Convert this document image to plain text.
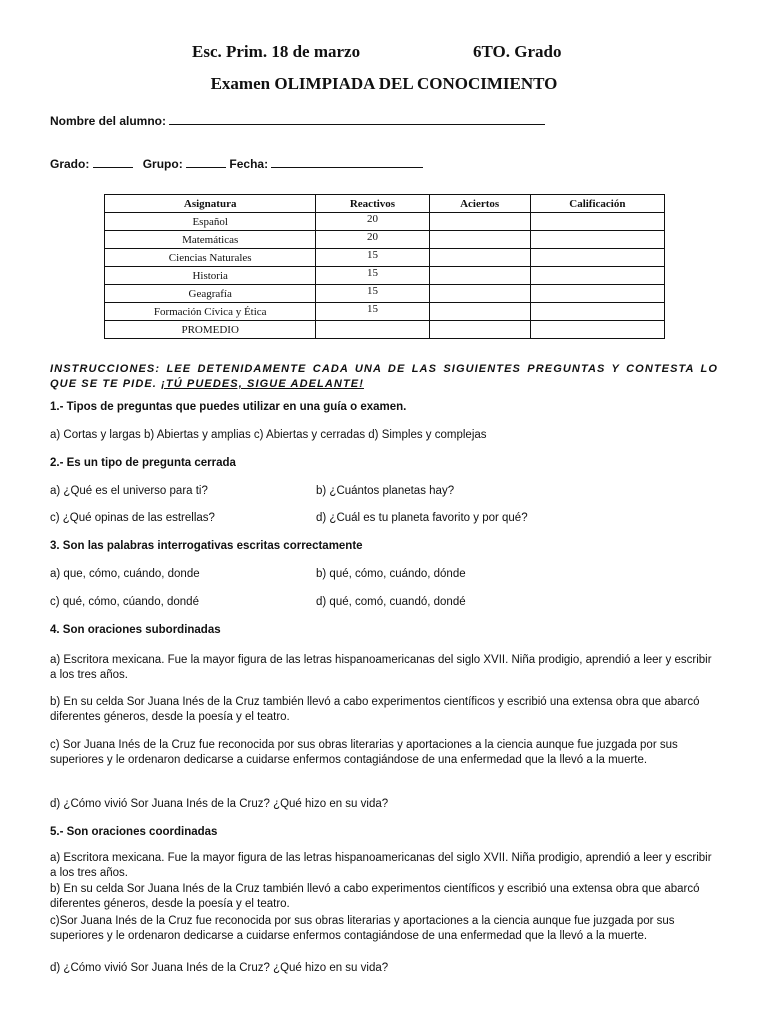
Esc. Prim. 18 de marzo	6TO. Grado
Examen OLIMPIADA DEL CONOCIMIENTO
Nombre del alumno:
Grado:	Grupo:	Fecha:
Asignatura	Reactivos	Aciertos	Calificación
Español	20		
Matemáticas	20		
Ciencias Naturales	15		
Historia	15		
Geagrafía	15		
Formación Cívica y Ética	15		
PROMEDIO			
INSTRUCCIONES: LEE DETENIDAMENTE CADA UNA DE LAS SIGUIENTES PREGUNTAS Y CONTESTA LO QUE SE TE PIDE. ¡TÚ PUEDES, SIGUE ADELANTE!
1.- Tipos de preguntas que puedes utilizar en una guía o examen.
a) Cortas y largas b) Abiertas y amplias c) Abiertas y cerradas d) Simples y complejas
2.- Es un tipo de pregunta cerrada
a) ¿Qué es el universo para ti?	b) ¿Cuántos planetas hay?
c) ¿Qué opinas de las estrellas?	d) ¿Cuál es tu planeta favorito y por qué?
3. Son las palabras interrogativas escritas correctamente
a) que, cómo, cuándo, donde	b) qué, cómo, cuándo, dónde
c) qué, cómo, cúando, dondé	d) qué, comó, cuandó, dondé
4. Son oraciones subordinadas
a) Escritora mexicana. Fue la mayor figura de las letras hispanoamericanas del siglo XVII. Niña prodigio, aprendió a leer y escribir a los tres años.
b) En su celda Sor Juana Inés de la Cruz también llevó a cabo experimentos científicos y escribió una extensa obra que abarcó diferentes géneros, desde la poesía y el teatro.
c) Sor Juana Inés de la Cruz fue reconocida por sus obras literarias y aportaciones a la ciencia aunque fue juzgada por sus superiores y le ordenaron dedicarse a cuidarse enfermos contagiándose de una enfermedad que la llevó a la muerte.
d) ¿Cómo vivió Sor Juana Inés de la Cruz? ¿Qué hizo en su vida?
5.- Son oraciones coordinadas
a) Escritora mexicana. Fue la mayor figura de las letras hispanoamericanas del siglo XVII. Niña prodigio, aprendió a leer y escribir a los tres años.
b) En su celda Sor Juana Inés de la Cruz también llevó a cabo experimentos científicos y escribió una extensa obra que abarcó diferentes géneros, desde la poesía y el teatro.
c)Sor Juana Inés de la Cruz fue reconocida por sus obras literarias y aportaciones a la ciencia aunque fue juzgada por sus superiores y le ordenaron dedicarse a cuidarse enfermos contagiándose de una enfermedad que la llevó a la muerte.
d) ¿Cómo vivió Sor Juana Inés de la Cruz? ¿Qué hizo en su vida?
